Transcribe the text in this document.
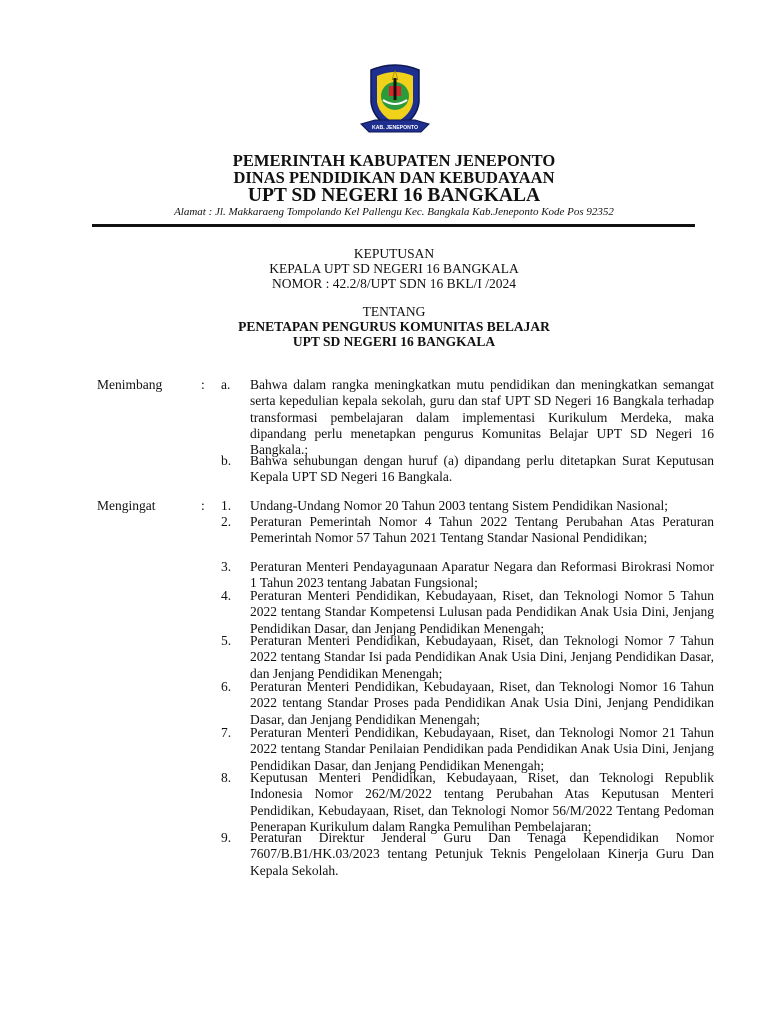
KAB. JENEPONTO
PEMERINTAH KABUPATEN JENEPONTO
DINAS PENDIDIKAN DAN KEBUDAYAAN
UPT SD NEGERI 16 BANGKALA
Alamat : Jl. Makkaraeng Tompolando Kel Pallengu Kec. Bangkala Kab.Jeneponto Kode Pos 92352
KEPUTUSAN
KEPALA UPT SD NEGERI 16 BANGKALA
NOMOR : 42.2/8/UPT SDN 16 BKL/I /2024
TENTANG
PENETAPAN PENGURUS KOMUNITAS BELAJAR
UPT SD NEGERI 16 BANGKALA
Menimbang	: a. Bahwa dalam rangka meningkatkan mutu pendidikan dan meningkatkan semangat serta kepedulian kepala sekolah, guru dan staf UPT SD Negeri 16 Bangkala terhadap transformasi pembelajaran dalam implementasi Kurikulum Merdeka, maka dipandang perlu menetapkan pengurus Komunitas Belajar UPT SD Negeri 16 Bangkala.;
b. Bahwa sehubungan dengan huruf (a) dipandang perlu ditetapkan Surat Keputusan Kepala UPT SD Negeri 16 Bangkala.
Mengingat	: 1. Undang-Undang Nomor 20 Tahun 2003 tentang Sistem Pendidikan Nasional;
2. Peraturan Pemerintah Nomor 4 Tahun 2022 Tentang Perubahan Atas Peraturan Pemerintah Nomor 57 Tahun 2021 Tentang Standar Nasional Pendidikan;
3. Peraturan Menteri Pendayagunaan Aparatur Negara dan Reformasi Birokrasi Nomor 1 Tahun 2023 tentang Jabatan Fungsional;
4. Peraturan Menteri Pendidikan, Kebudayaan, Riset, dan Teknologi Nomor 5 Tahun 2022 tentang Standar Kompetensi Lulusan pada Pendidikan Anak Usia Dini, Jenjang Pendidikan Dasar, dan Jenjang Pendidikan Menengah;
5. Peraturan Menteri Pendidikan, Kebudayaan, Riset, dan Teknologi Nomor 7 Tahun 2022 tentang Standar Isi pada Pendidikan Anak Usia Dini, Jenjang Pendidikan Dasar, dan Jenjang Pendidikan Menengah;
6. Peraturan Menteri Pendidikan, Kebudayaan, Riset, dan Teknologi Nomor 16 Tahun 2022 tentang Standar Proses pada Pendidikan Anak Usia Dini, Jenjang Pendidikan Dasar, dan Jenjang Pendidikan Menengah;
7. Peraturan Menteri Pendidikan, Kebudayaan, Riset, dan Teknologi Nomor 21 Tahun 2022 tentang Standar Penilaian Pendidikan pada Pendidikan Anak Usia Dini, Jenjang Pendidikan Dasar, dan Jenjang Pendidikan Menengah;
8. Keputusan Menteri Pendidikan, Kebudayaan, Riset, dan Teknologi Republik Indonesia Nomor 262/M/2022 tentang Perubahan Atas Keputusan Menteri Pendidikan, Kebudayaan, Riset, dan Teknologi Nomor 56/M/2022 Tentang Pedoman Penerapan Kurikulum dalam Rangka Pemulihan Pembelajaran;
9. Peraturan Direktur Jenderal Guru Dan Tenaga Kependidikan Nomor 7607/B.B1/HK.03/2023 tentang Petunjuk Teknis Pengelolaan Kinerja Guru Dan Kepala Sekolah.
